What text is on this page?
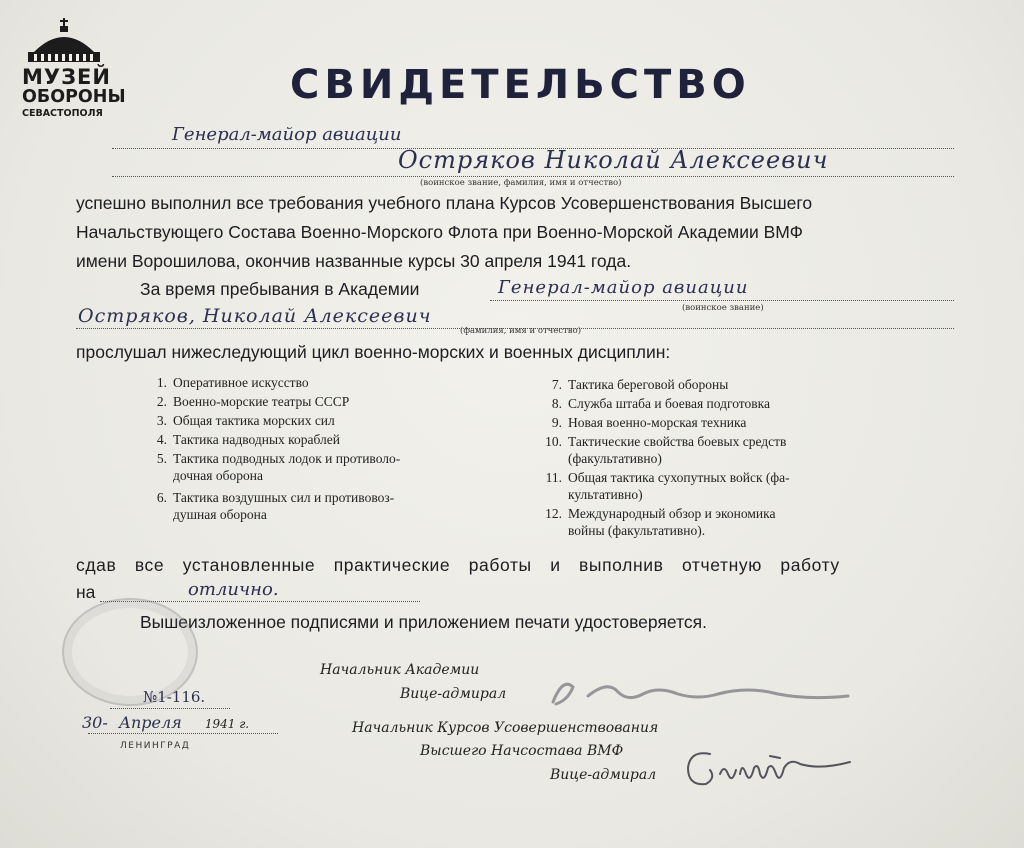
МУЗЕЙ
ОБОРОНЫ
СЕВАСТОПОЛЯ
СВИДЕТЕЛЬСТВО
Генерал-майор авиации
Остряков Николай Алексеевич
(воинское звание, фамилия, имя и отчество)
успешно выполнил все требования учебного плана Курсов Усовершенствования Высшего
Начальствующего Состава Военно-Морского Флота при Военно-Морской Академии ВМФ
имени Ворошилова, окончив названные курсы 30 апреля 1941 года.
За время пребывания в Академии	Генерал-майор авиации
(воинское звание)
Остряков, Николай Алексеевич
(фамилия, имя и отчество)
прослушал нижеследующий цикл военно-морских и военных дисциплин:
1. Оперативное искусство
2. Военно-морские театры СССР
3. Общая тактика морских сил
4. Тактика надводных кораблей
5. Тактика подводных лодок и противоло-
дочная оборона
6. Тактика воздушных сил и противовоз-
душная оборона
7. Тактика береговой обороны
8. Служба штаба и боевая подготовка
9. Новая военно-морская техника
10. Тактические свойства боевых средств
(факультативно)
11. Общая тактика сухопутных войск (фа-
культативно)
12. Международный обзор и экономика
войны (факультативно).
сдав все установленные практические работы и выполнив отчетную работу
на	отлично.
Вышеизложенное подписями и приложением печати удостоверяется.
Начальник Академии
Вице-адмирал
Начальник Курсов Усовершенствования
Высшего Начсостава ВМФ
Вице-адмирал
№1-116.
30- Апреля 1941 г.
ЛЕНИНГРАД
